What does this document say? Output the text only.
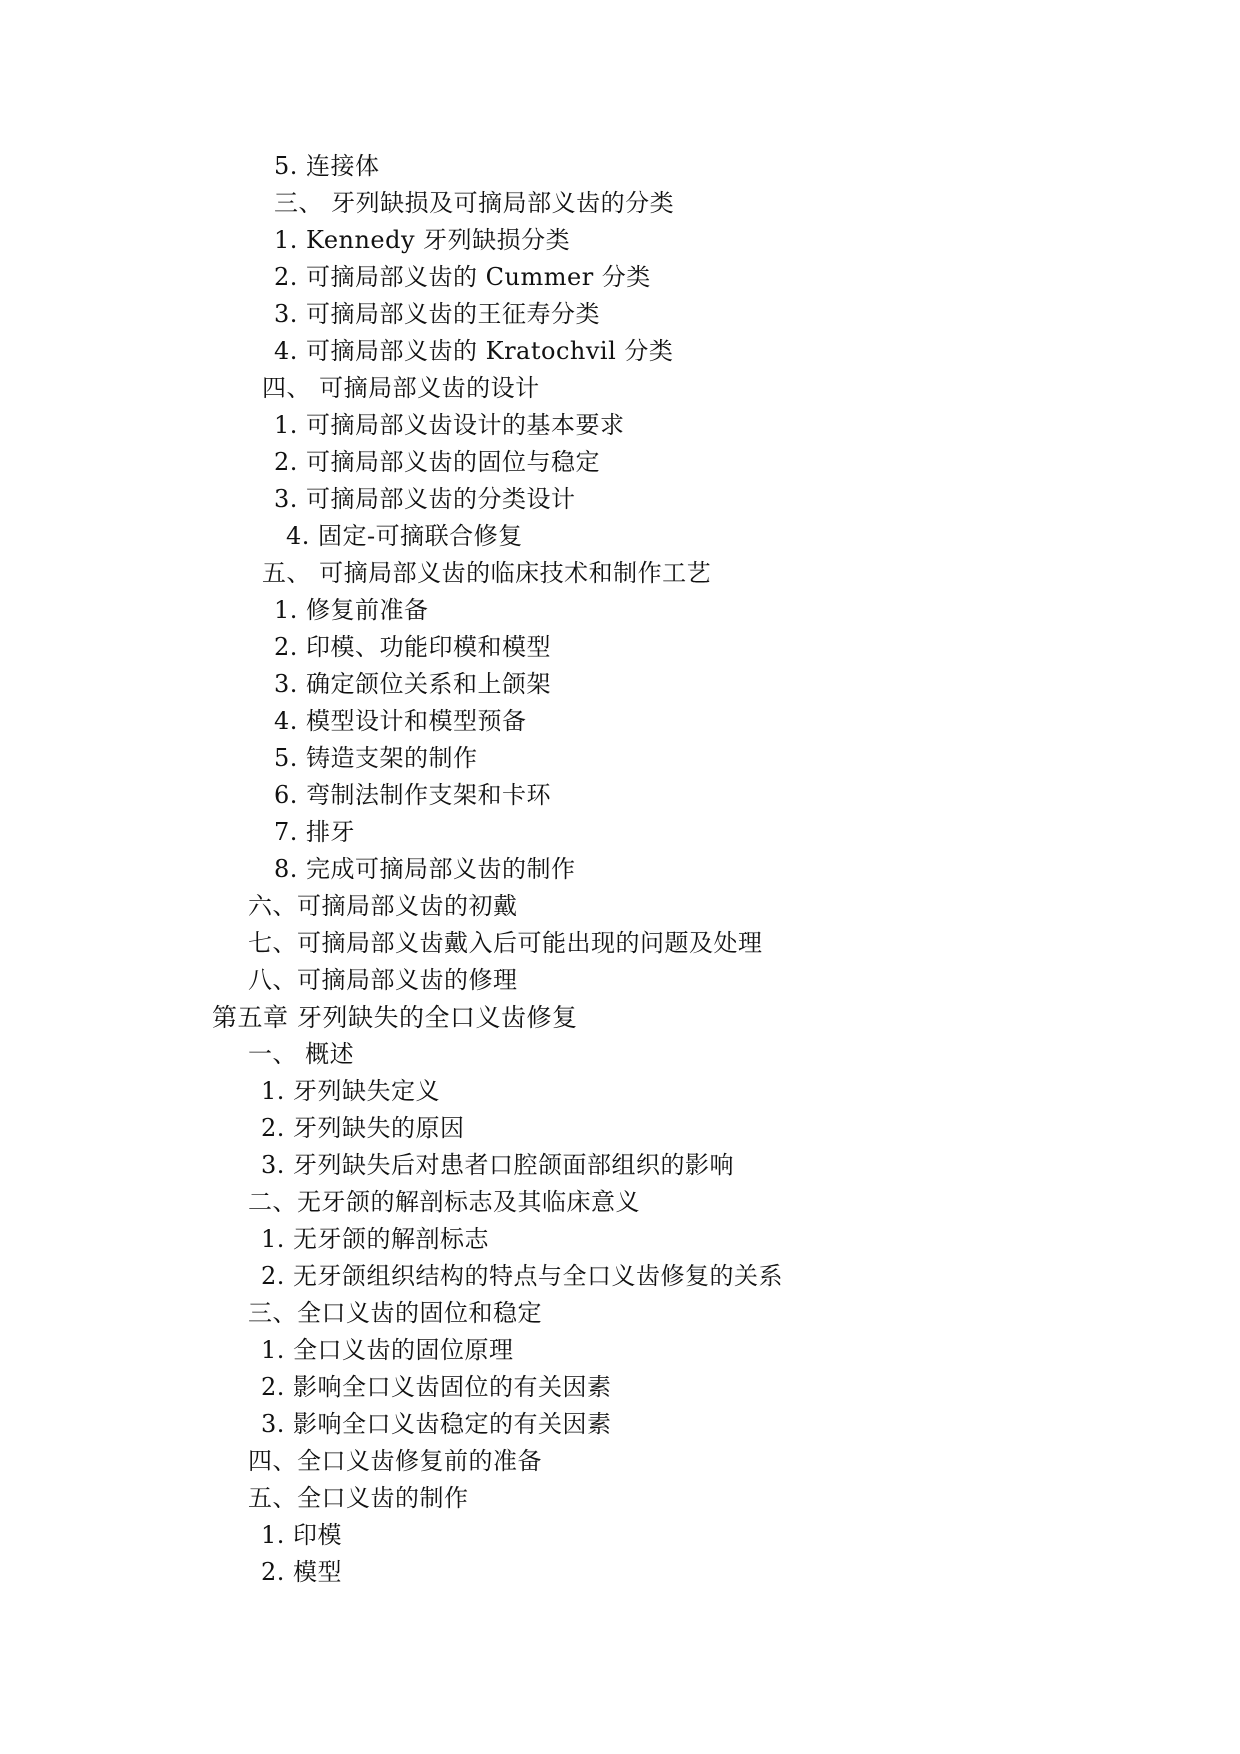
5. 连接体
三、 牙列缺损及可摘局部义齿的分类
1. Kennedy 牙列缺损分类
2. 可摘局部义齿的 Cummer 分类
3. 可摘局部义齿的王征寿分类
4. 可摘局部义齿的 Kratochvil 分类
四、 可摘局部义齿的设计
1. 可摘局部义齿设计的基本要求
2. 可摘局部义齿的固位与稳定
3. 可摘局部义齿的分类设计
4. 固定-可摘联合修复
五、 可摘局部义齿的临床技术和制作工艺
1. 修复前准备
2. 印模、功能印模和模型
3. 确定颌位关系和上颌架
4. 模型设计和模型预备
5. 铸造支架的制作
6. 弯制法制作支架和卡环
7. 排牙
8. 完成可摘局部义齿的制作
六、可摘局部义齿的初戴
七、可摘局部义齿戴入后可能出现的问题及处理
八、可摘局部义齿的修理
第五章 牙列缺失的全口义齿修复
一、 概述
1. 牙列缺失定义
2. 牙列缺失的原因
3. 牙列缺失后对患者口腔颌面部组织的影响
二、无牙颌的解剖标志及其临床意义
1. 无牙颌的解剖标志
2. 无牙颌组织结构的特点与全口义齿修复的关系
三、全口义齿的固位和稳定
1. 全口义齿的固位原理
2. 影响全口义齿固位的有关因素
3. 影响全口义齿稳定的有关因素
四、全口义齿修复前的准备
五、全口义齿的制作
1. 印模
2. 模型
